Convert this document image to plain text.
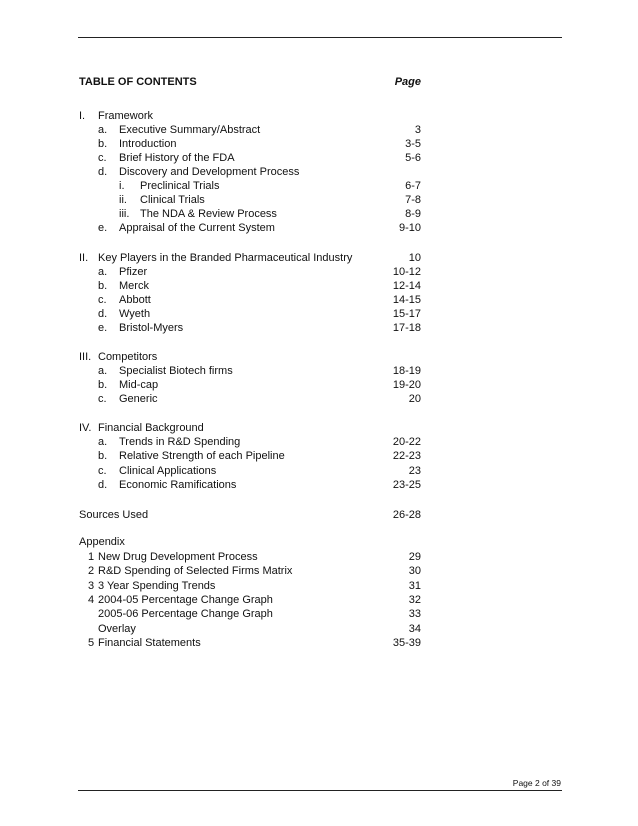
TABLE OF CONTENTS	Page
I. Framework
a. Executive Summary/Abstract	3
b. Introduction	3-5
c. Brief History of the FDA	5-6
d. Discovery and Development Process
i. Preclinical Trials	6-7
ii. Clinical Trials	7-8
iii. The NDA & Review Process	8-9
e. Appraisal of the Current System	9-10
II. Key Players in the Branded Pharmaceutical Industry	10
a. Pfizer	10-12
b. Merck	12-14
c. Abbott	14-15
d. Wyeth	15-17
e. Bristol-Myers	17-18
III. Competitors
a. Specialist Biotech firms	18-19
b. Mid-cap	19-20
c. Generic	20
IV. Financial Background
a. Trends in R&D Spending	20-22
b. Relative Strength of each Pipeline	22-23
c. Clinical Applications	23
d. Economic Ramifications	23-25
Sources Used	26-28
Appendix
1 New Drug Development Process	29
2 R&D Spending of Selected Firms Matrix	30
3 3 Year Spending Trends	31
4 2004-05 Percentage Change Graph	32
2005-06 Percentage Change Graph	33
Overlay	34
5 Financial Statements	35-39
Page 2 of 39
